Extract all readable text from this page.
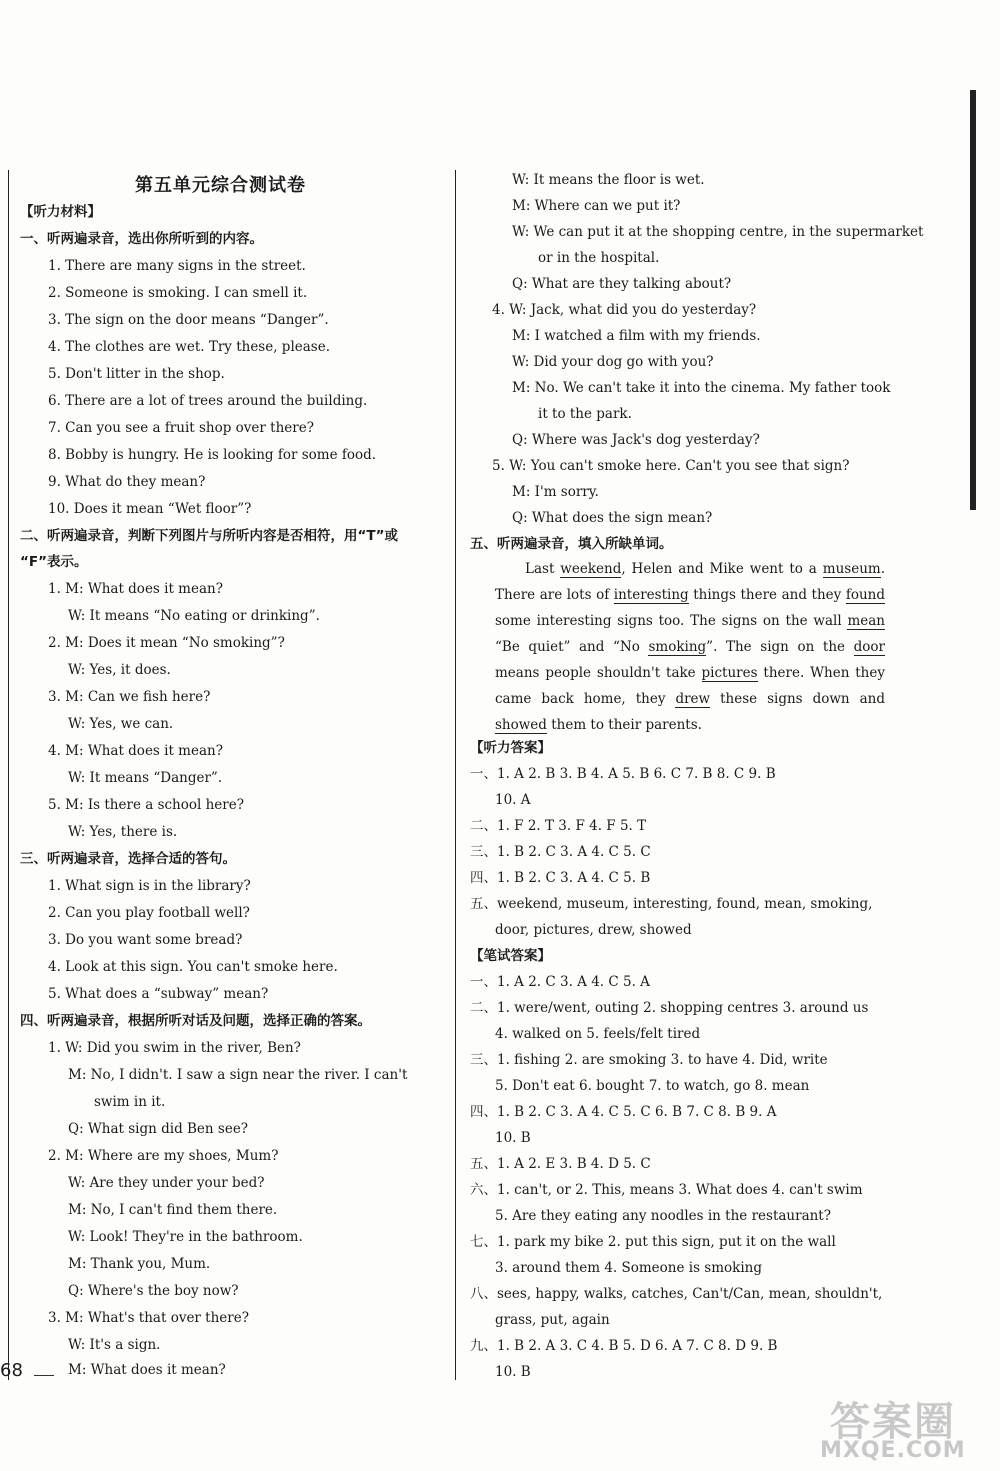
第五单元综合测试卷
【听力材料】
一、听两遍录音，选出你所听到的内容。
1. There are many signs in the street.
2. Someone is smoking. I can smell it.
3. The sign on the door means “Danger”.
4. The clothes are wet. Try these, please.
5. Don't litter in the shop.
6. There are a lot of trees around the building.
7. Can you see a fruit shop over there?
8. Bobby is hungry. He is looking for some food.
9. What do they mean?
10. Does it mean “Wet floor”?
二、听两遍录音，判断下列图片与所听内容是否相符，用“T”或
“F”表示。
1. M: What does it mean?
W: It means “No eating or drinking”.
2. M: Does it mean “No smoking”?
W: Yes, it does.
3. M: Can we fish here?
W: Yes, we can.
4. M: What does it mean?
W: It means “Danger”.
5. M: Is there a school here?
W: Yes, there is.
三、听两遍录音，选择合适的答句。
1. What sign is in the library?
2. Can you play football well?
3. Do you want some bread?
4. Look at this sign. You can't smoke here.
5. What does a “subway” mean?
四、听两遍录音，根据所听对话及问题，选择正确的答案。
1. W: Did you swim in the river, Ben?
M: No, I didn't. I saw a sign near the river. I can't
swim in it.
Q: What sign did Ben see?
2. M: Where are my shoes, Mum?
W: Are they under your bed?
M: No, I can't find them there.
W: Look! They're in the bathroom.
M: Thank you, Mum.
Q: Where's the boy now?
3. M: What's that over there?
W: It's a sign.
M: What does it mean?
W: It means the floor is wet.
M: Where can we put it?
W: We can put it at the shopping centre, in the supermarket
or in the hospital.
Q: What are they talking about?
4. W: Jack, what did you do yesterday?
M: I watched a film with my friends.
W: Did your dog go with you?
M: No. We can't take it into the cinema. My father took
it to the park.
Q: Where was Jack's dog yesterday?
5. W: You can't smoke here. Can't you see that sign?
M: I'm sorry.
Q: What does the sign mean?
五、听两遍录音，填入所缺单词。
Last weekend, Helen and Mike went to a museum. There are lots of interesting things there and they found some interesting signs too. The signs on the wall mean “Be quiet” and “No smoking”. The sign on the door means people shouldn't take pictures there. When they came back home, they drew these signs down and showed them to their parents.
【听力答案】
一、1. A 2. B 3. B 4. A 5. B 6. C 7. B 8. C 9. B
10. A
二、1. F 2. T 3. F 4. F 5. T
三、1. B 2. C 3. A 4. C 5. C
四、1. B 2. C 3. A 4. C 5. B
五、weekend, museum, interesting, found, mean, smoking,
door, pictures, drew, showed
【笔试答案】
一、1. A 2. C 3. A 4. C 5. A
二、1. were/went, outing 2. shopping centres 3. around us
4. walked on 5. feels/felt tired
三、1. fishing 2. are smoking 3. to have 4. Did, write
5. Don't eat 6. bought 7. to watch, go 8. mean
四、1. B 2. C 3. A 4. C 5. C 6. B 7. C 8. B 9. A
10. B
五、1. A 2. E 3. B 4. D 5. C
六、1. can't, or 2. This, means 3. What does 4. can't swim
5. Are they eating any noodles in the restaurant?
七、1. park my bike 2. put this sign, put it on the wall
3. around them 4. Someone is smoking
八、sees, happy, walks, catches, Can't/Can, mean, shouldn't,
grass, put, again
九、1. B 2. A 3. C 4. B 5. D 6. A 7. C 8. D 9. B
10. B
68
答案圈
MXQE.COM
